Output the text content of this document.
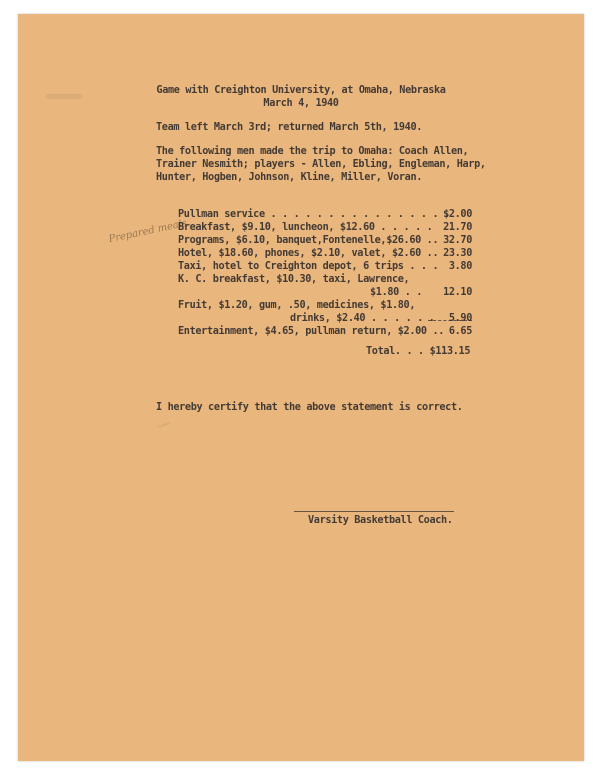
Game with Creighton University, at Omaha, Nebraska
March 4, 1940
Team left March 3rd; returned March 5th, 1940.
The following men made the trip to Omaha: Coach Allen,
Trainer Nesmith; players - Allen, Ebling, Engleman, Harp,
Hunter, Hogben, Johnson, Kline, Miller, Voran.
Prepared meals

Pullman service . . . . . . . . . . . . . . . .

$2.00

Breakfast, $9.10, luncheon, $12.60 . . . . .

21.70

Programs, $6.10, banquet,Fontenelle,$26.60 ..

32.70

Hotel, $18.60, phones, $2.10, valet, $2.60 ..

23.30

Taxi, hotel to Creighton depot, 6 trips . . .

3.80

K. C. breakfast, $10.30, taxi, Lawrence,

$1.80 . .

12.10

Fruit, $1.20, gum, .50, medicines, $1.80,

drinks, $2.40 . . . . . .

5.90

Entertainment, $4.65, pullman return, $2.00 ..

6.65

Total. . . $113.15
I hereby certify that the above statement is correct.
Varsity Basketball Coach.
